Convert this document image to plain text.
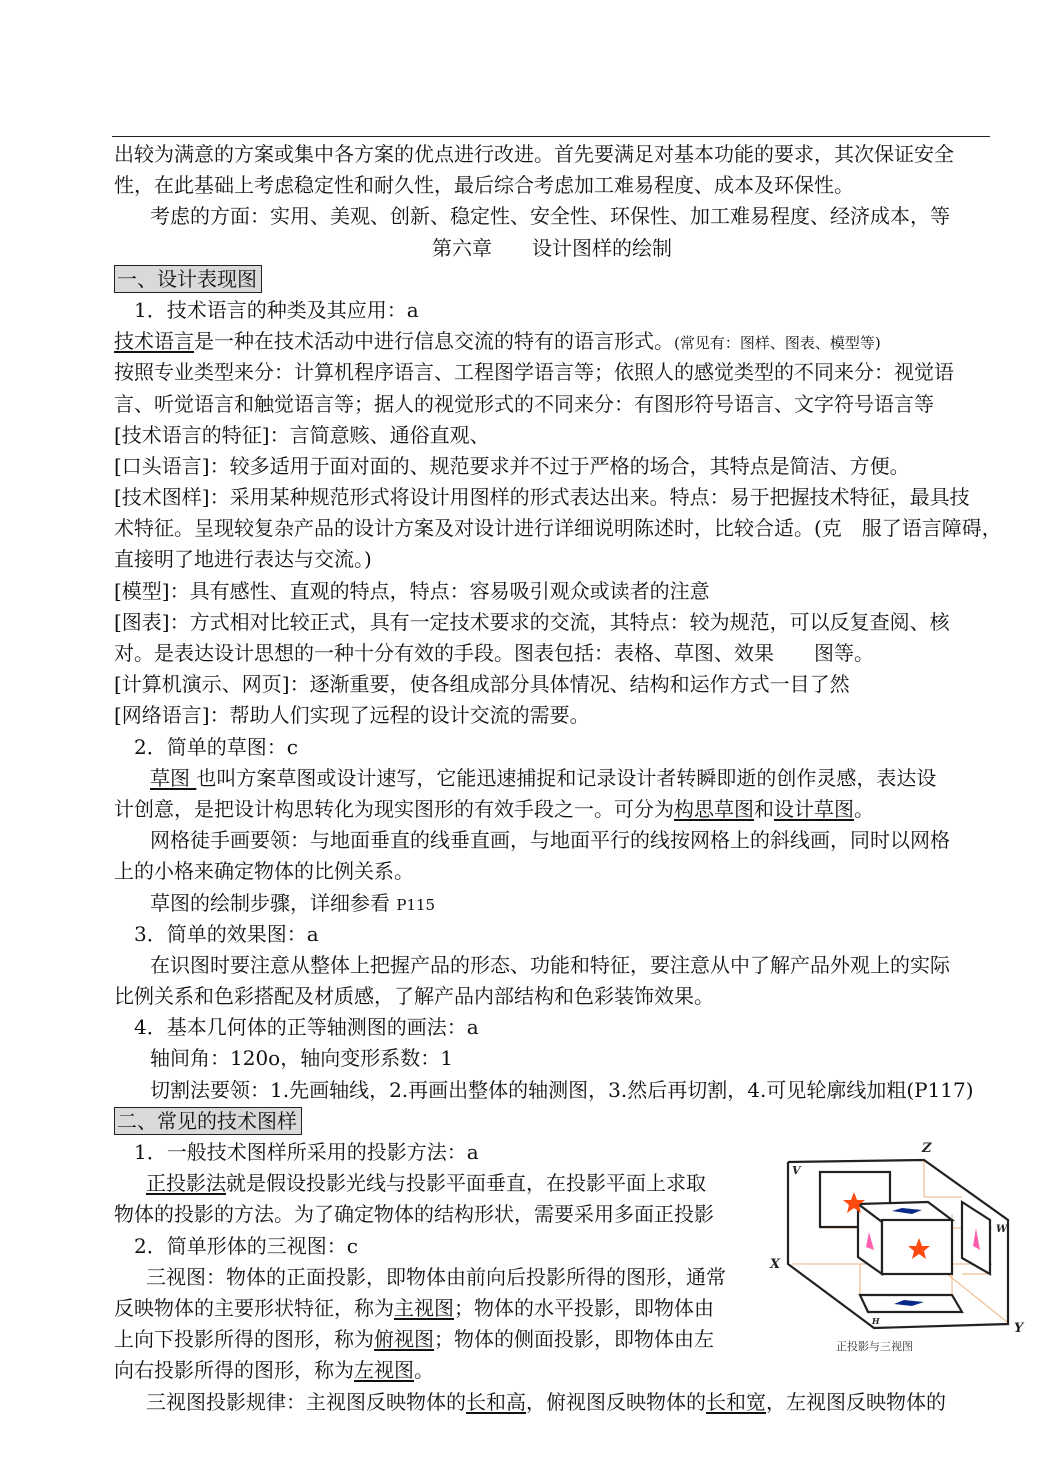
出较为满意的方案或集中各方案的优点进行改进。首先要满足对基本功能的要求，其次保证安全
性，在此基础上考虑稳定性和耐久性，最后综合考虑加工难易程度、成本及环保性。
考虑的方面：实用、美观、创新、稳定性、安全性、环保性、加工难易程度、经济成本，等
第六章　　设计图样的绘制
一、设计表现图
1．技术语言的种类及其应用：a
技术语言是一种在技术活动中进行信息交流的特有的语言形式。(常见有：图样、图表、模型等)
按照专业类型来分：计算机程序语言、工程图学语言等；依照人的感觉类型的不同来分：视觉语
言、听觉语言和触觉语言等；据人的视觉形式的不同来分：有图形符号语言、文字符号语言等
[技术语言的特征]：言简意赅、通俗直观、
[口头语言]：较多适用于面对面的、规范要求并不过于严格的场合，其特点是简洁、方便。
[技术图样]：采用某种规范形式将设计用图样的形式表达出来。特点：易于把握技术特征，最具技
术特征。呈现较复杂产品的设计方案及对设计进行详细说明陈述时，比较合适。(克　服了语言障碍，
直接明了地进行表达与交流。)
[模型]：具有感性、直观的特点，特点：容易吸引观众或读者的注意
[图表]：方式相对比较正式，具有一定技术要求的交流，其特点：较为规范，可以反复查阅、核
对。是表达设计思想的一种十分有效的手段。图表包括：表格、草图、效果　　图等。
[计算机演示、网页]：逐渐重要，使各组成部分具体情况、结构和运作方式一目了然
[网络语言]：帮助人们实现了远程的设计交流的需要。
2．简单的草图：c
草图 也叫方案草图或设计速写，它能迅速捕捉和记录设计者转瞬即逝的创作灵感，表达设
计创意，是把设计构思转化为现实图形的有效手段之一。可分为构思草图和设计草图。
网格徒手画要领：与地面垂直的线垂直画，与地面平行的线按网格上的斜线画，同时以网格
上的小格来确定物体的比例关系。
草图的绘制步骤，详细参看 P115
3．简单的效果图：a
在识图时要注意从整体上把握产品的形态、功能和特征，要注意从中了解产品外观上的实际
比例关系和色彩搭配及材质感，了解产品内部结构和色彩装饰效果。
4．基本几何体的正等轴测图的画法：a
轴间角：120o，轴向变形系数：1
切割法要领：1.先画轴线，2.再画出整体的轴测图，3.然后再切割，4.可见轮廓线加粗(P117)
二、常见的技术图样
1．一般技术图样所采用的投影方法：a
正投影法就是假设投影光线与投影平面垂直，在投影平面上求取
物体的投影的方法。为了确定物体的结构形状，需要采用多面正投影
2．简单形体的三视图：c
三视图：物体的正面投影，即物体由前向后投影所得的图形，通常
反映物体的主要形状特征，称为主视图；物体的水平投影，即物体由
上向下投影所得的图形，称为俯视图；物体的侧面投影，即物体由左
向右投影所得的图形，称为左视图。
三视图投影规律：主视图反映物体的长和高，俯视图反映物体的长和宽，左视图反映物体的
Z
V
W
X
Y
H
正投影与三视图
